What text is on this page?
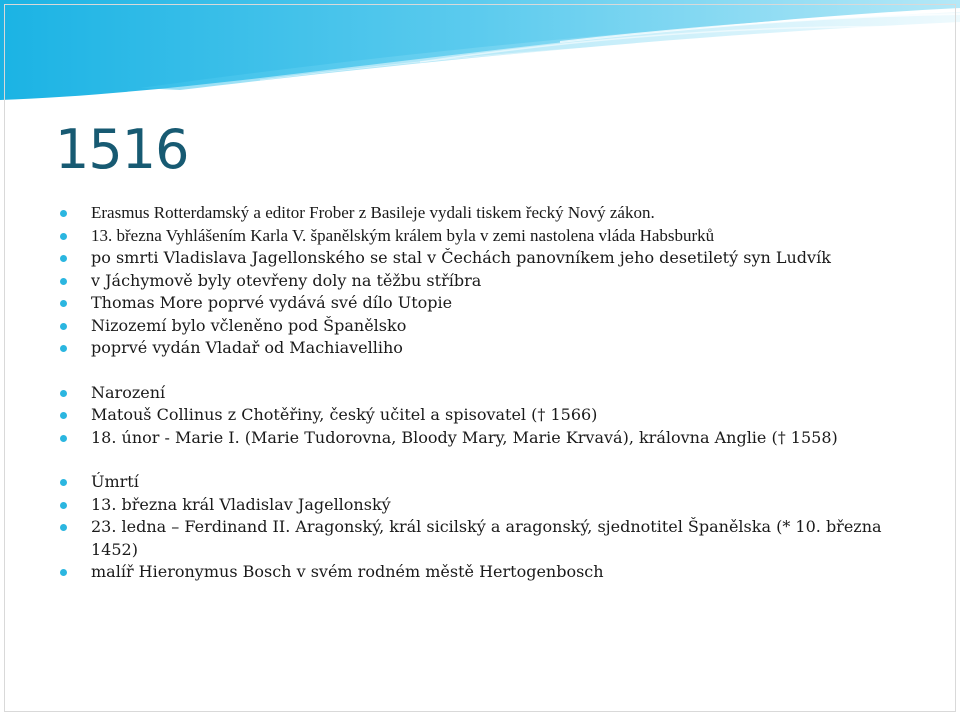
1516
Erasmus Rotterdamský a editor Frober z Basileje vydali tiskem řecký Nový zákon.
13. března Vyhlášením Karla V. španělským králem byla v zemi nastolena vláda Habsburků
po smrti Vladislava Jagellonského se stal v Čechách panovníkem jeho desetiletý syn Ludvík
v Jáchymově byly otevřeny doly na těžbu stříbra
Thomas More poprvé vydává své dílo Utopie
Nizozemí bylo včleněno pod Španělsko
poprvé vydán Vladař od Machiavelliho
Narození
Matouš Collinus z Chotěřiny, český učitel a spisovatel († 1566)
18. únor - Marie I. (Marie Tudorovna, Bloody Mary, Marie Krvavá), královna Anglie († 1558)
Úmrtí
13. března král Vladislav Jagellonský
23. ledna – Ferdinand II. Aragonský, král sicilský a aragonský, sjednotitel Španělska (* 10. března 1452)
malíř Hieronymus Bosch v svém rodném městě Hertogenbosch
